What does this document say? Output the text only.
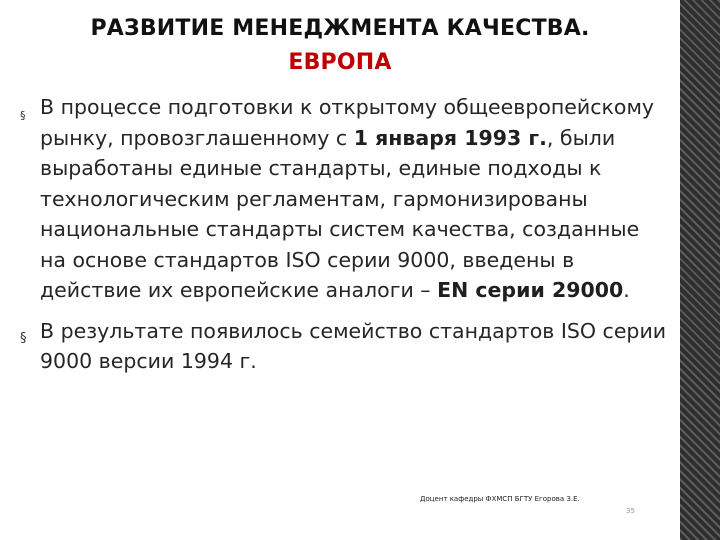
РАЗВИТИЕ МЕНЕДЖМЕНТА КАЧЕСТВА.
ЕВРОПА

§ В процессе подготовки к открытому общеевропейскому рынку, провозглашенному с 1 января 1993 г., были выработаны единые стандарты, единые подходы к технологическим регламентам, гармонизированы национальные стандарты систем качества, созданные на основе стандартов ISO серии 9000, введены в действие их европейские аналоги – EN серии 29000.

§ В результате появилось семейство стандартов ISO серии 9000 версии 1994 г.

Доцент кафедры ФХМСП БГТУ Егорова З.Е.
35
